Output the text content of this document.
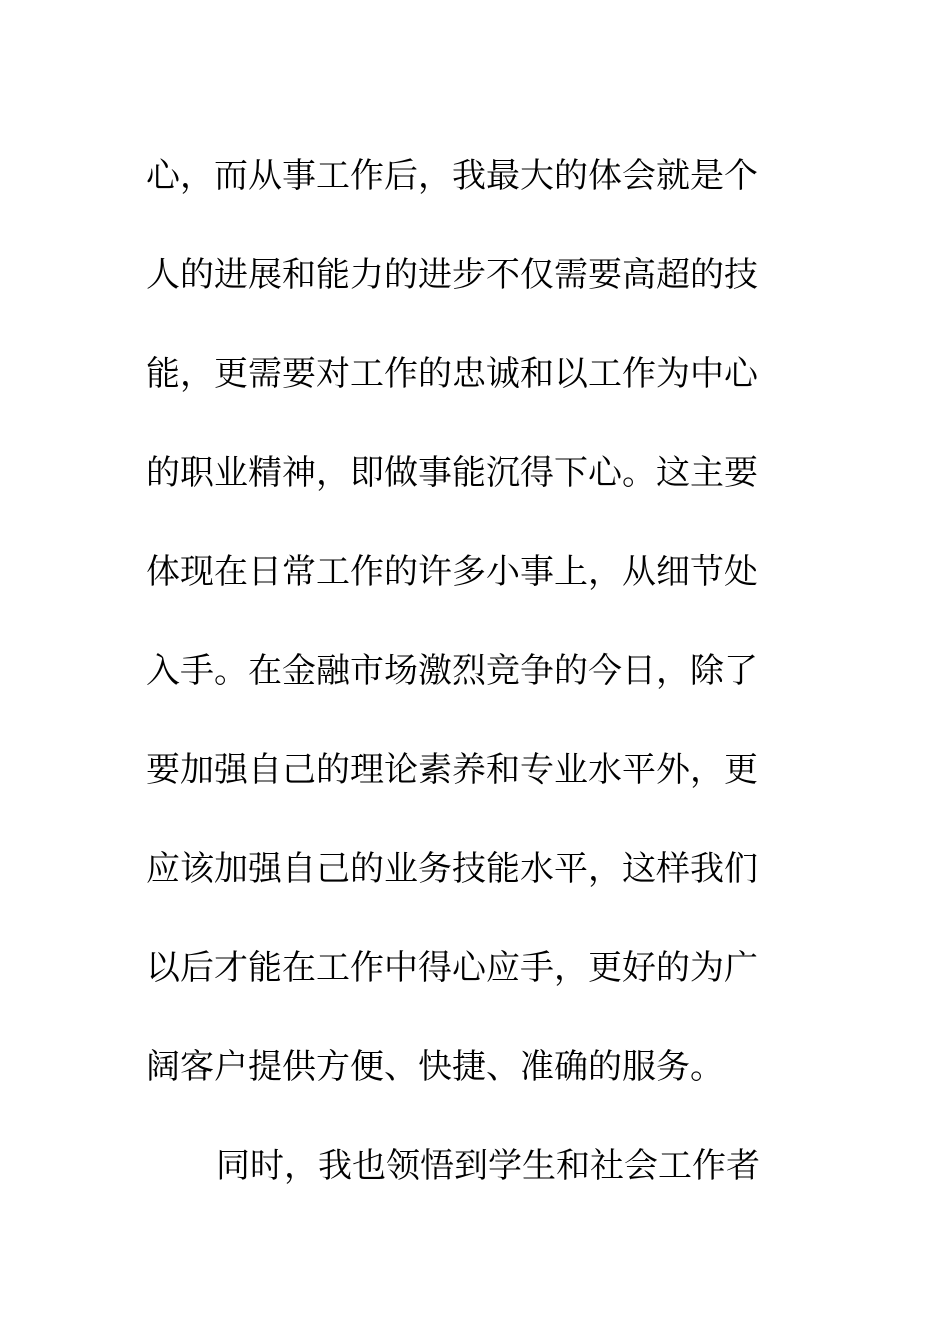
心，而从事工作后，我最大的体会就是个
人的进展和能力的进步不仅需要高超的技
能，更需要对工作的忠诚和以工作为中心
的职业精神，即做事能沉得下心。这主要
体现在日常工作的许多小事上，从细节处
入手。在金融市场激烈竞争的今日，除了
要加强自己的理论素养和专业水平外，更
应该加强自己的业务技能水平，这样我们
以后才能在工作中得心应手，更好的为广
阔客户提供方便、快捷、准确的服务。
同时，我也领悟到学生和社会工作者
